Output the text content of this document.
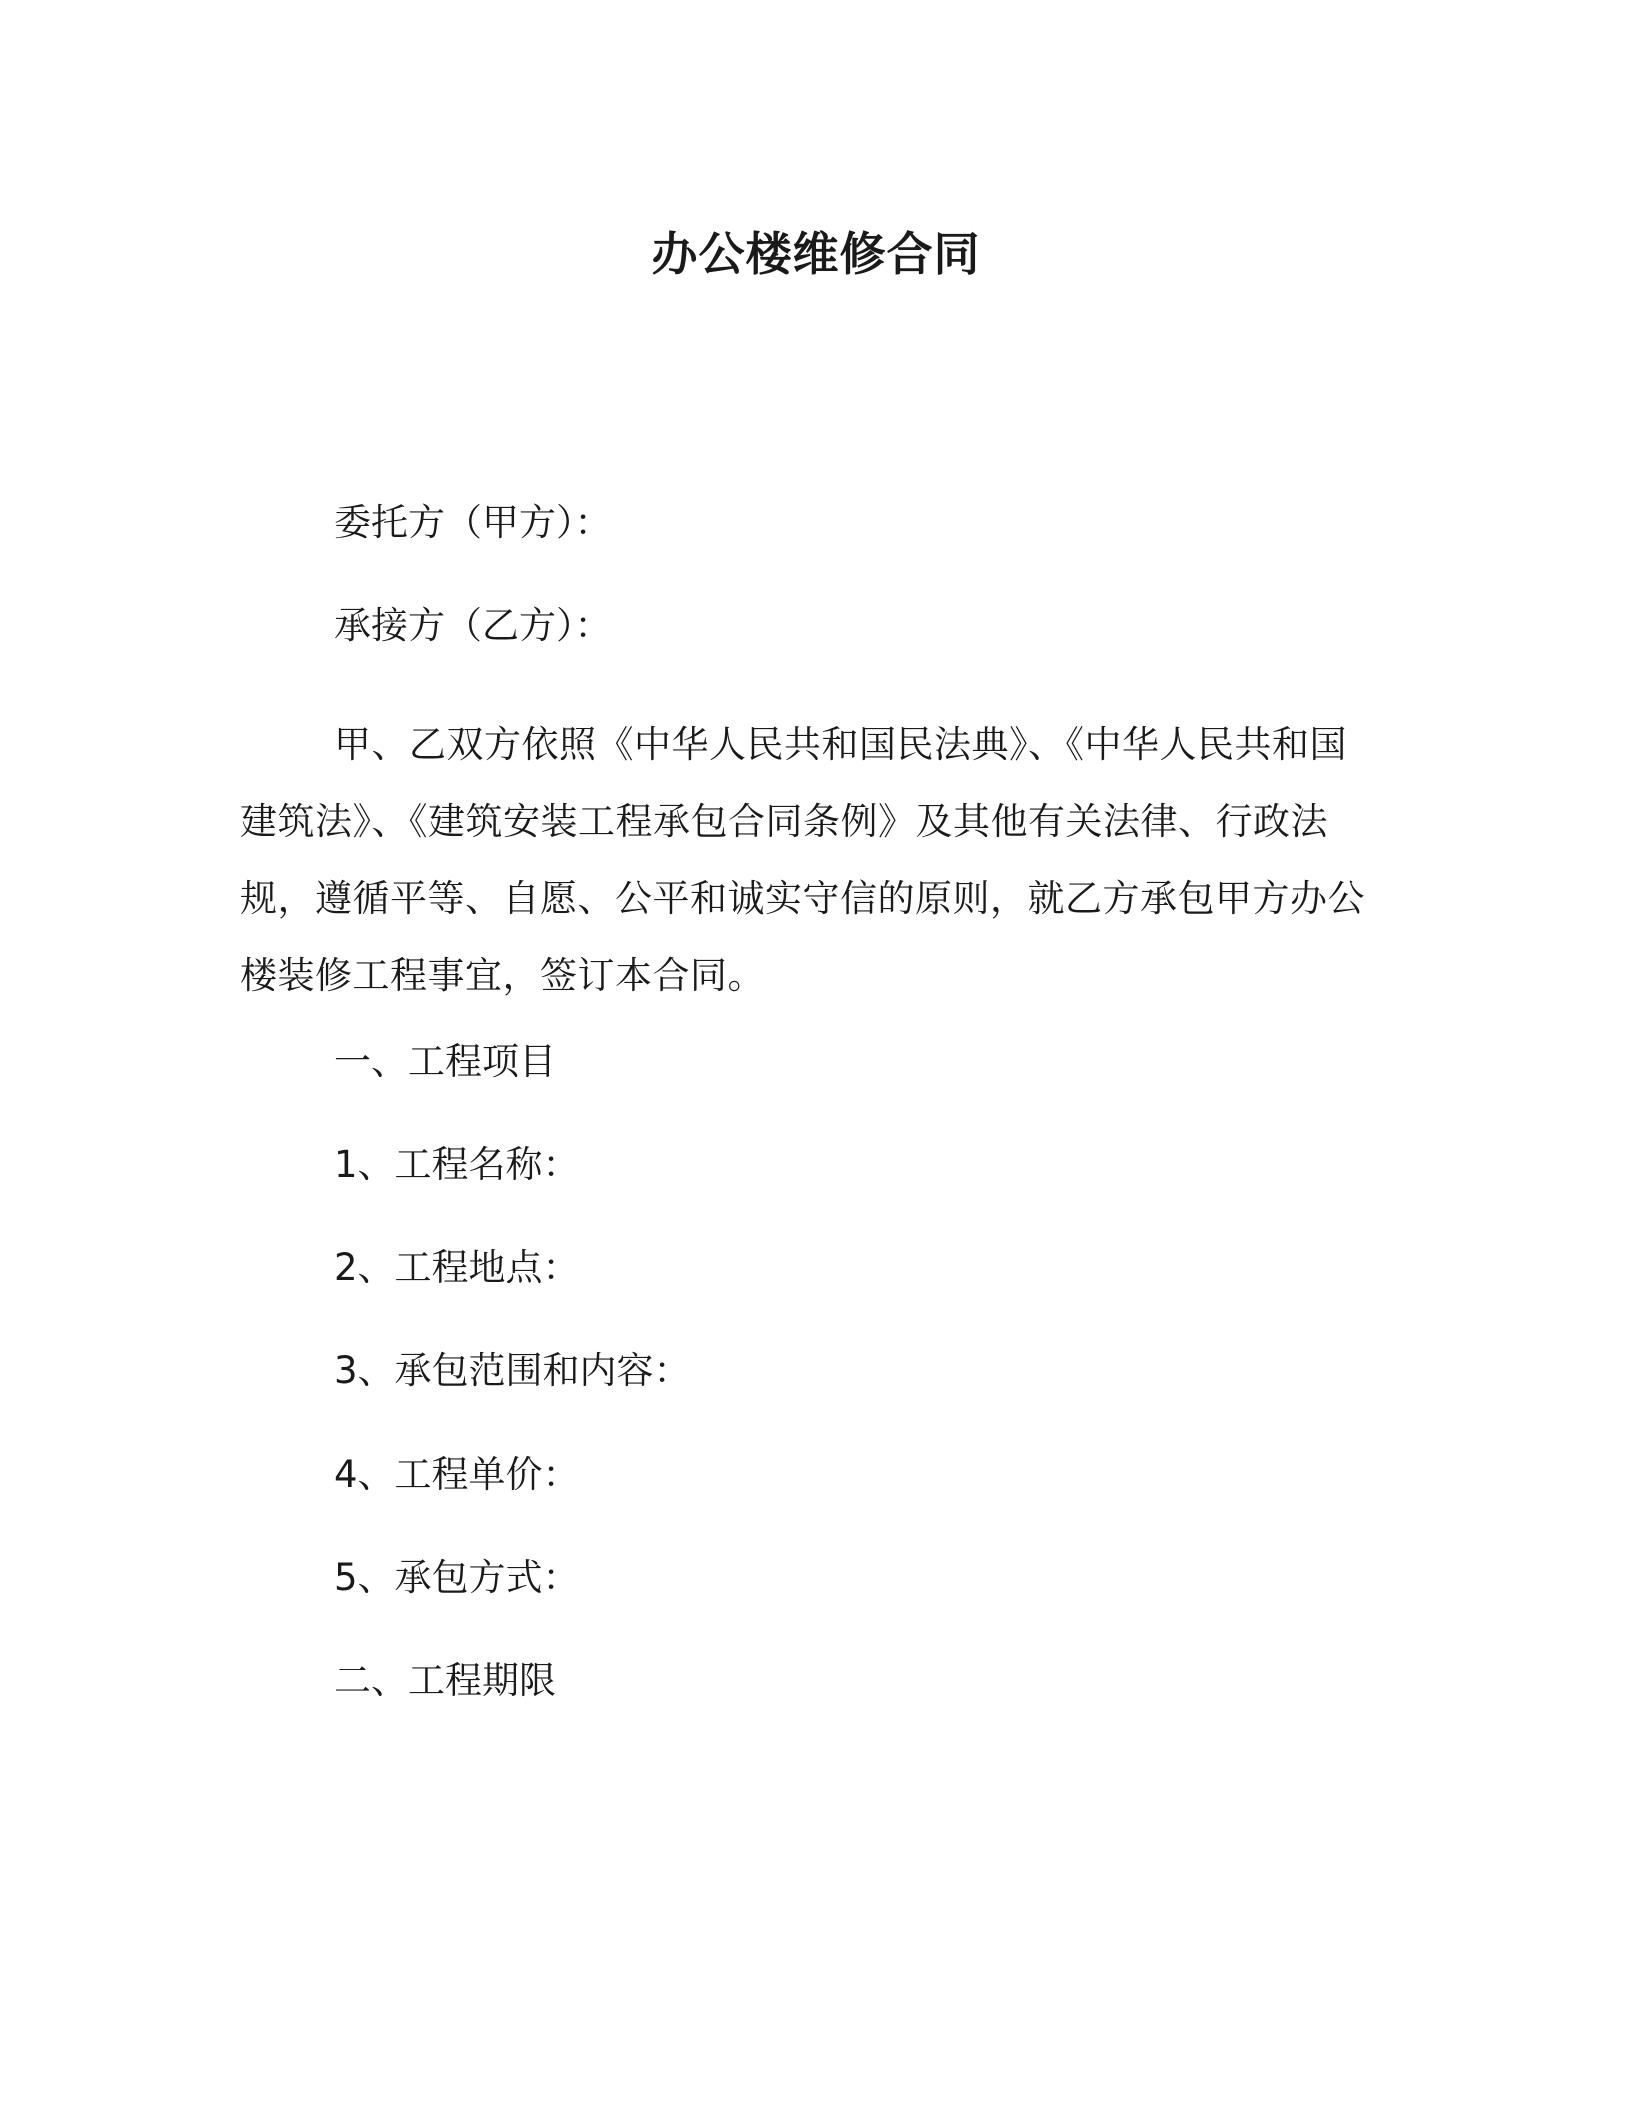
办公楼维修合同

委托方（甲方）：

承接方（乙方）：

甲、乙双方依照《中华人民共和国民法典》、《中华人民共和国
建筑法》、《建筑安装工程承包合同条例》及其他有关法律、行政法
规，遵循平等、自愿、公平和诚实守信的原则，就乙方承包甲方办公
楼装修工程事宜，签订本合同。

一、工程项目

1、工程名称：

2、工程地点：

3、承包范围和内容：

4、工程单价：

5、承包方式：

二、工程期限
